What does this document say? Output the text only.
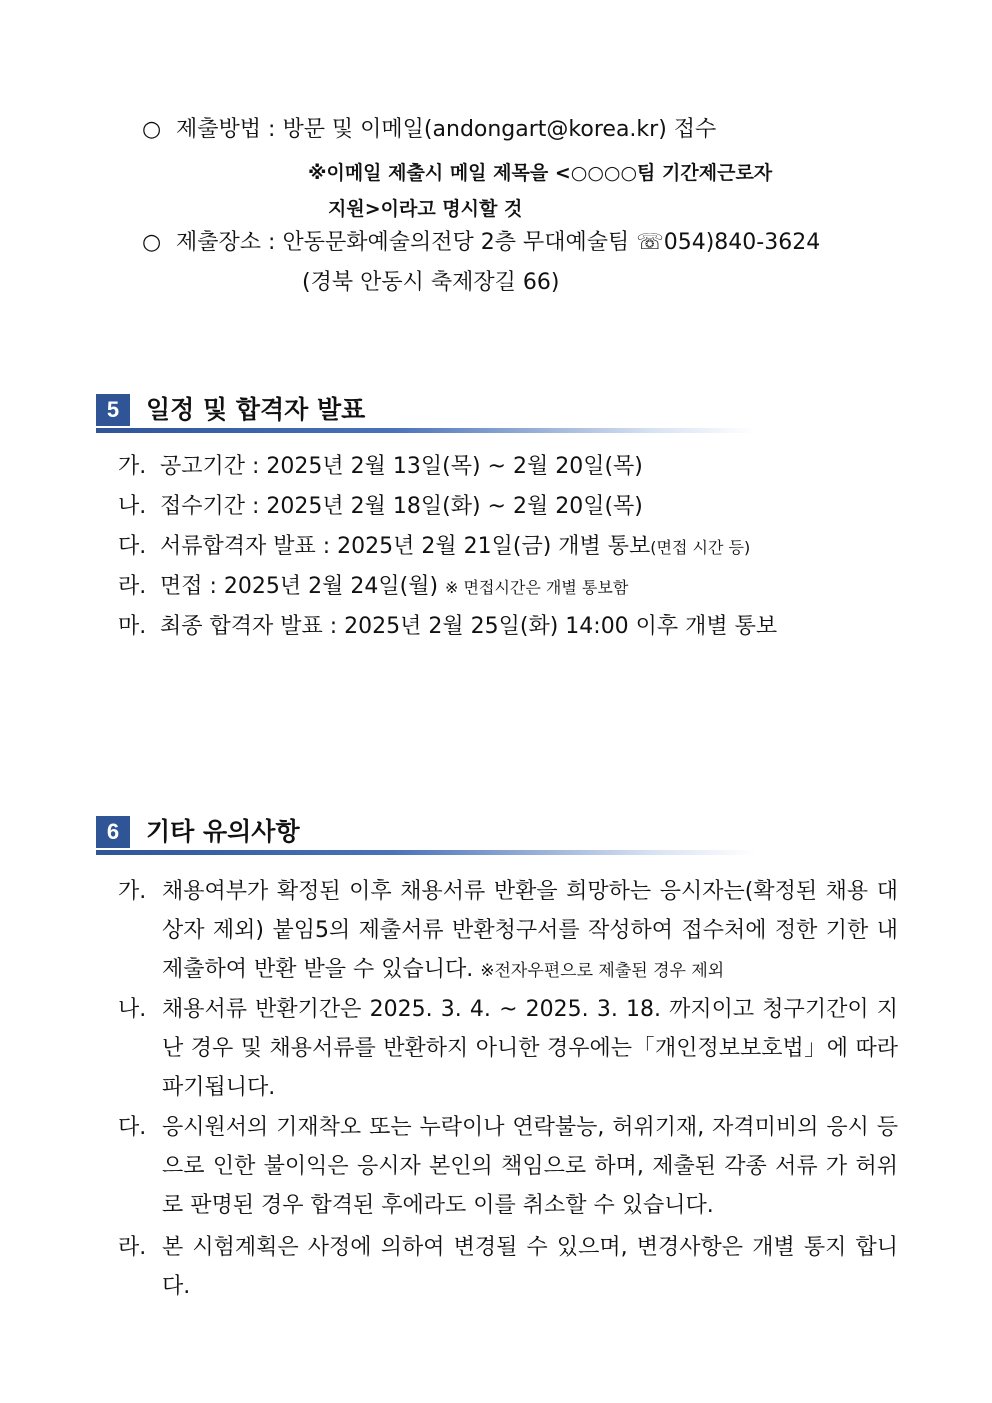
○ 제출방법 : 방문 및 이메일(andongart@korea.kr) 접수
※이메일 제출시 메일 제목을 <○○○○팀 기간제근로자
지원>이라고 명시할 것
○ 제출장소 : 안동문화예술의전당 2층 무대예술팀 ☏054)840-3624
(경북 안동시 축제장길 66)
5	일정 및 합격자 발표
가. 공고기간 : 2025년 2월 13일(목) ~ 2월 20일(목)
나. 접수기간 : 2025년 2월 18일(화) ~ 2월 20일(목)
다. 서류합격자 발표 : 2025년 2월 21일(금) 개별 통보(면접 시간 등)
라. 면접 : 2025년 2월 24일(월) ※ 면접시간은 개별 통보함
마. 최종 합격자 발표 : 2025년 2월 25일(화) 14:00 이후 개별 통보
6	기타 유의사항
가. 채용여부가 확정된 이후 채용서류 반환을 희망하는 응시자는(확정된 채용 대상자 제외) 붙임5의 제출서류 반환청구서를 작성하여 접수처에 정한 기한 내 제출하여 반환 받을 수 있습니다. ※전자우편으로 제출된 경우 제외
나. 채용서류 반환기간은 2025. 3. 4. ~ 2025. 3. 18. 까지이고 청구기간이 지난 경우 및 채용서류를 반환하지 아니한 경우에는「개인정보보호법」에 따라 파기됩니다.
다. 응시원서의 기재착오 또는 누락이나 연락불능, 허위기재, 자격미비의 응시 등으로 인한 불이익은 응시자 본인의 책임으로 하며, 제출된 각종 서류 가 허위로 판명된 경우 합격된 후에라도 이를 취소할 수 있습니다.
라. 본 시험계획은 사정에 의하여 변경될 수 있으며, 변경사항은 개별 통지 합니다.
